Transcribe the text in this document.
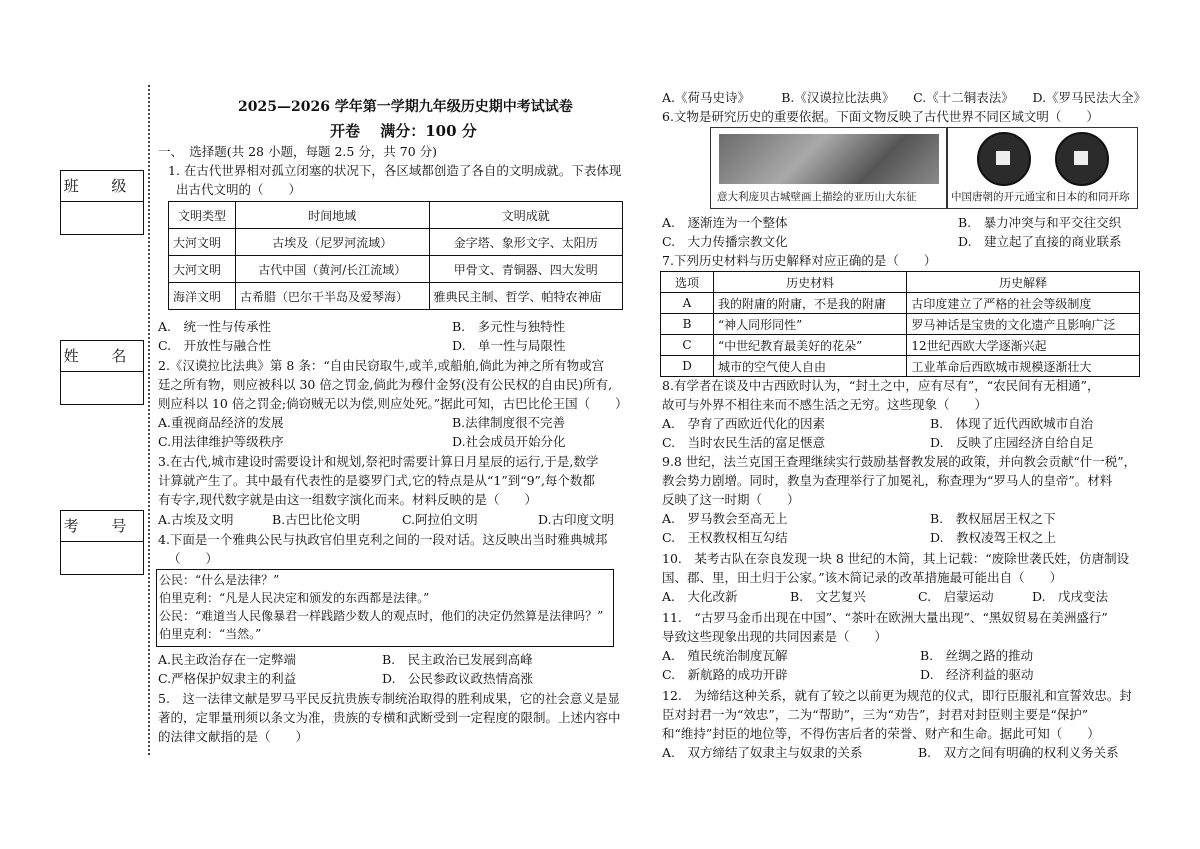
班 级
姓 名
考 号
2025—2026 学年第一学期九年级历史期中考试试卷
开卷　 满分：100 分
一、　选择题(共 28 小题，每题 2.5 分，共 70 分)
1. 在古代世界相对孤立闭塞的状况下，各区域都创造了各自的文明成就。下表体现
出古代文明的（　　）
文明类型	时间地域	文明成就
大河文明	古埃及（尼罗河流域）	金字塔、象形文字、太阳历
大河文明	古代中国（黄河/长江流域）	甲骨文、青铜器、四大发明
海洋文明	古希腊（巴尔干半岛及爱琴海）	雅典民主制、哲学、帕特农神庙
A.　统一性与传承性	B.　多元性与独特性
C.　开放性与融合性	D.　单一性与局限性
2.《汉谟拉比法典》第 8 条：“自由民窃取牛,或羊,或船舶,倘此为神之所有物或宫
廷之所有物，则应被科以 30 倍之罚金,倘此为穆什金努(没有公民权的自由民)所有,
则应科以 10 倍之罚金;倘窃贼无以为偿,则应处死。”据此可知，古巴比伦王国（　　）
A.重视商品经济的发展	B.法律制度很不完善
C.用法律维护等级秩序	D.社会成员开始分化
3.在古代,城市建设时需要设计和规划,祭祀时需要计算日月星辰的运行,于是,数学
计算就产生了。其中最有代表性的是婆罗门式,它的特点是从“1”到“9”,每个数都
有专字,现代数字就是由这一组数字演化而来。材料反映的是（　　）
A.古埃及文明	B.古巴比伦文明	C.阿拉伯文明	D.古印度文明
4.下面是一个雅典公民与执政官伯里克利之间的一段对话。这反映出当时雅典城邦
（　　）
公民：“什么是法律？”
伯里克利：“凡是人民决定和颁发的东西都是法律。”
公民：“难道当人民像暴君一样践踏少数人的观点时，他们的决定仍然算是法律吗？”
伯里克利：“当然。”
A.民主政治存在一定弊端	B.　民主政治已发展到高峰
C.严格保护奴隶主的利益	D.　公民参政议政热情高涨
5.　这一法律文献是罗马平民反抗贵族专制统治取得的胜利成果，它的社会意义是显
著的，定罪量刑须以条文为准，贵族的专横和武断受到一定程度的限制。上述内容中
的法律文献指的是（　　）
A.《荷马史诗》　　　B.《汉谟拉比法典》　　C.《十二铜表法》　　D.《罗马民法大全》
6.文物是研究历史的重要依据。下面文物反映了古代世界不同区域文明（　　）
意大利庞贝古城壁画上描绘的亚历山大东征	中国唐朝的开元通宝和日本的和同开珎
A.　逐渐连为一个整体	B.　暴力冲突与和平交往交织
C.　大力传播宗教文化	D.　建立起了直接的商业联系
7.下列历史材料与历史解释对应正确的是（　　）
选项	历史材料	历史解释
A	我的附庸的附庸，不是我的附庸	古印度建立了严格的社会等级制度
B	“神人同形同性”	罗马神话是宝贵的文化遗产且影响广泛
C	“中世纪教育最美好的花朵”	12世纪西欧大学逐渐兴起
D	城市的空气使人自由	工业革命后西欧城市规模逐渐壮大
8.有学者在谈及中古西欧时认为，“封土之中，应有尽有”，“农民间有无相通”，
故可与外界不相往来而不感生活之无穷。这些现象（　　）
A.　孕育了西欧近代化的因素	B.　体现了近代西欧城市自治
C.　当时农民生活的富足惬意	D.　反映了庄园经济自给自足
9.8 世纪，法兰克国王查理继续实行鼓励基督教发展的政策，并向教会贡献“什一税”，
教会势力剧增。同时，教皇为查理举行了加冕礼，称查理为“罗马人的皇帝”。材料
反映了这一时期（　　）
A.　罗马教会至高无上	B.　教权屈居王权之下
C.　王权教权相互勾结	D.　教权凌驾王权之上
10.　某考古队在奈良发现一块 8 世纪的木简，其上记载：“废除世袭氏姓，仿唐制设
国、郡、里，田土归于公家。”该木简记录的改革措施最可能出自（　　）
A.　大化改新	B.　文艺复兴	C.　启蒙运动	D.　戊戌变法
11.　“古罗马金币出现在中国”、“茶叶在欧洲大量出现”、“黑奴贸易在美洲盛行”
导致这些现象出现的共同因素是（　　）
A.　殖民统治制度瓦解	B.　丝绸之路的推动
C.　新航路的成功开辟	D.　经济利益的驱动
12.　为缔结这种关系，就有了较之以前更为规范的仪式，即行臣服礼和宣誓效忠。封
臣对封君一为“效忠”，二为“帮助”，三为“劝告”，封君对封臣则主要是“保护”
和“维持”封臣的地位等，不得伤害后者的荣誉、财产和生命。据此可知（　　）
A.　双方缔结了奴隶主与奴隶的关系	B.　双方之间有明确的权利义务关系
